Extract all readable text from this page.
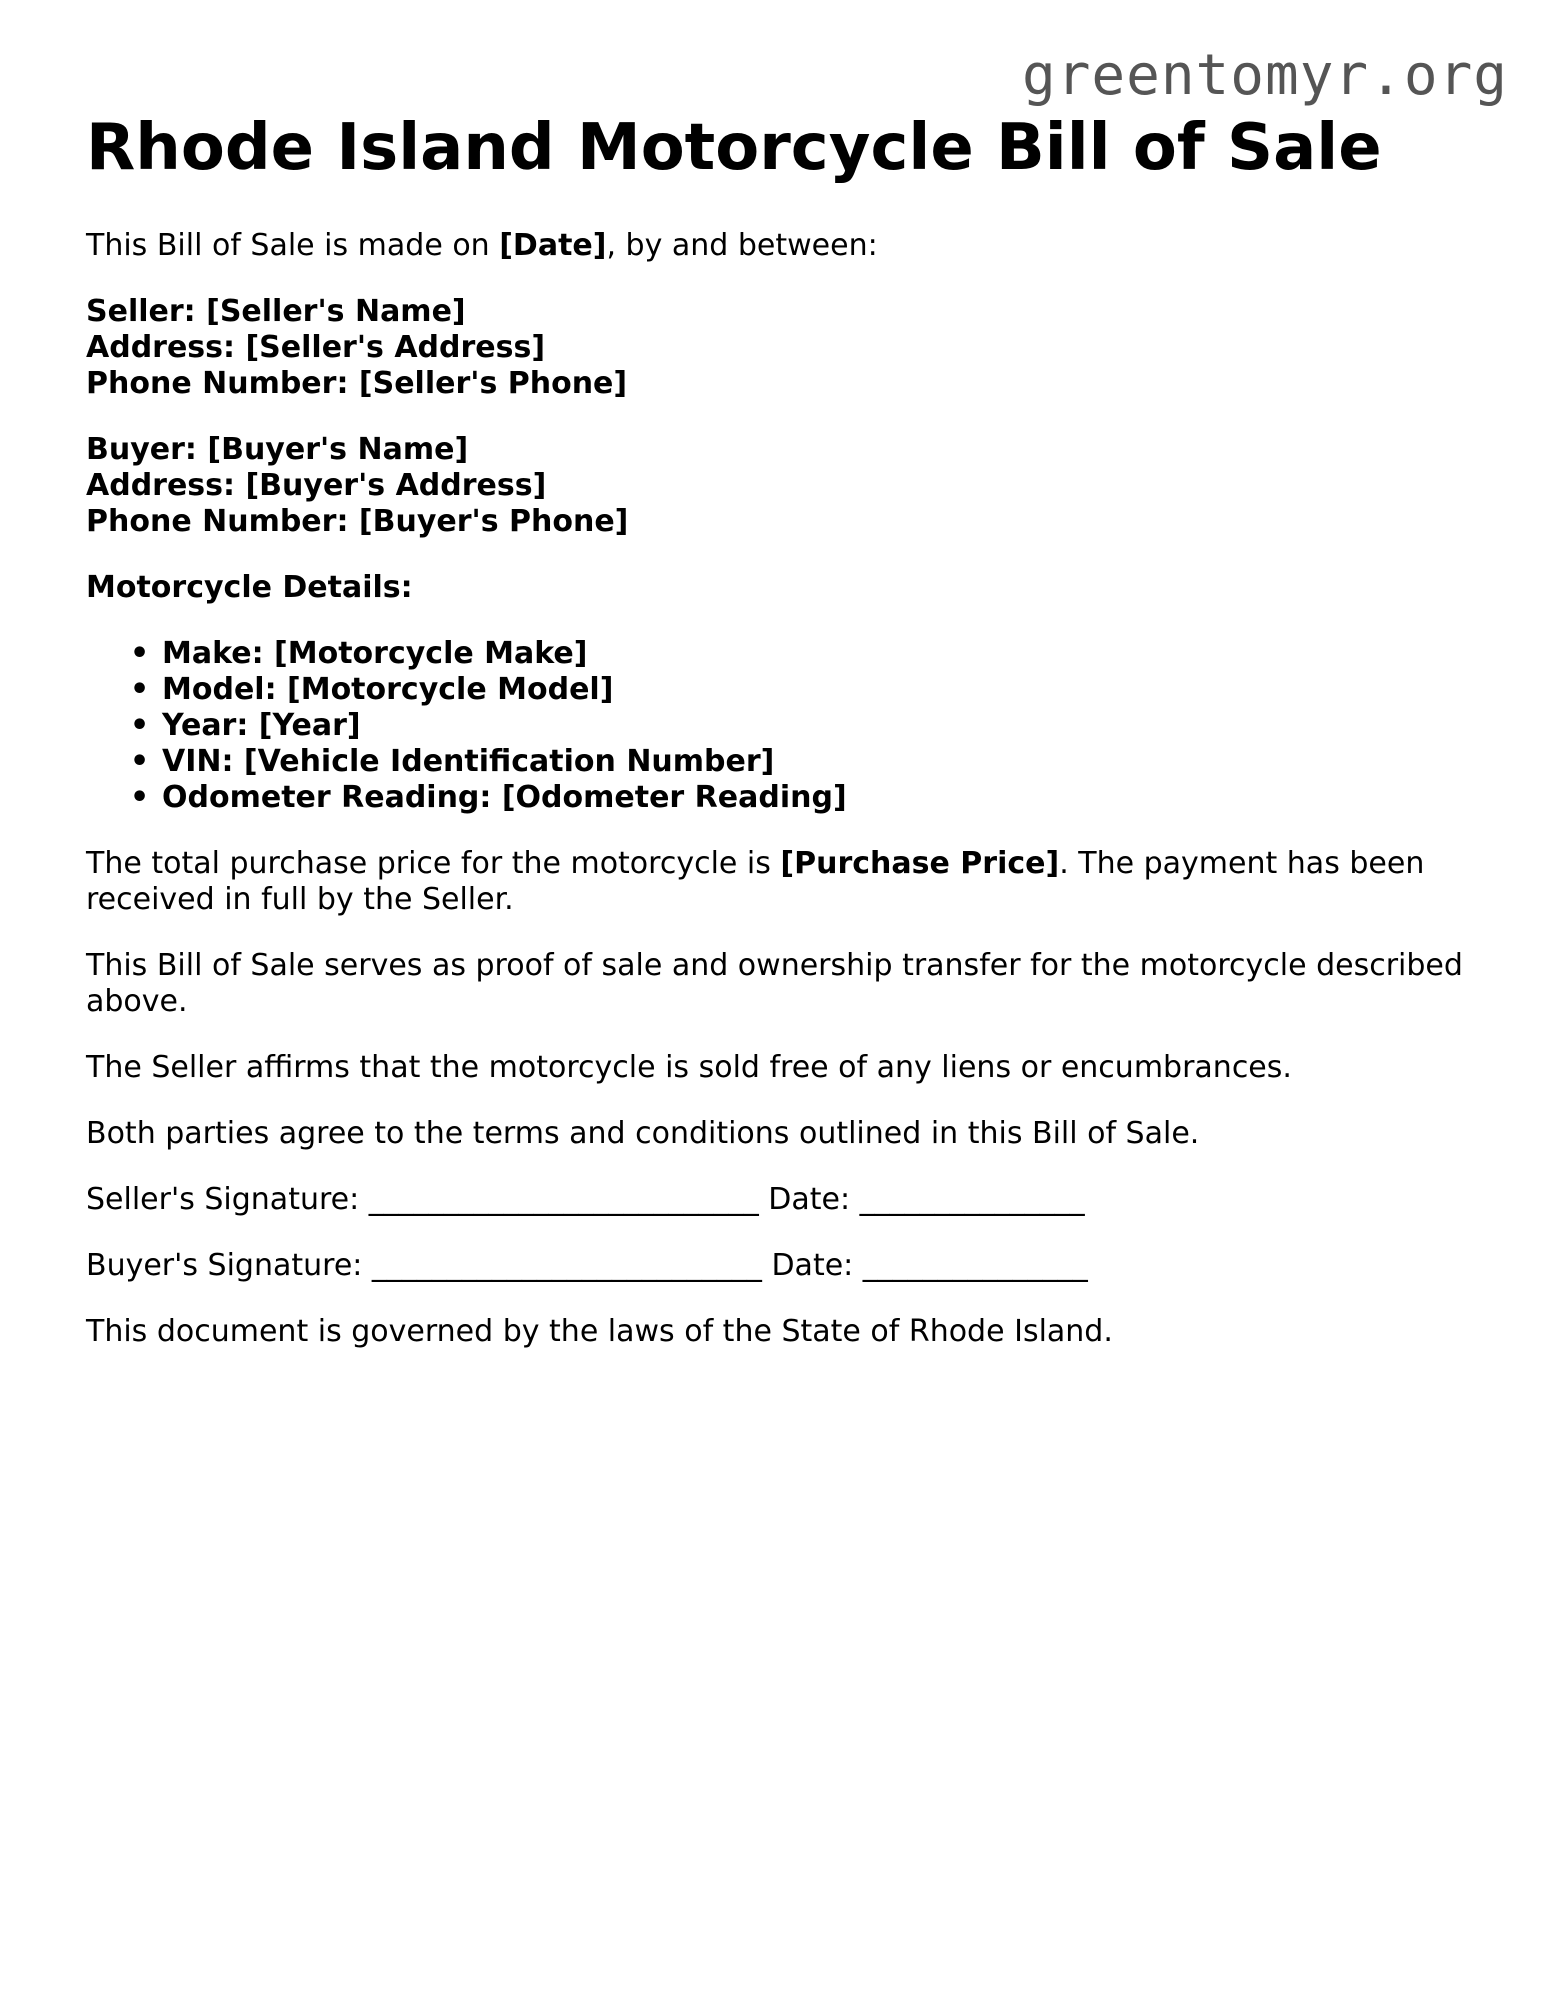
greentomyr.org
Rhode Island Motorcycle Bill of Sale

This Bill of Sale is made on [Date], by and between:

Seller: [Seller's Name]
Address: [Seller's Address]
Phone Number: [Seller's Phone]
Buyer: [Buyer's Name]
Address: [Buyer's Address]
Phone Number: [Buyer's Phone]

Motorcycle Details:

• Make: [Motorcycle Make]
• Model: [Motorcycle Model]
• Year: [Year]
• VIN: [Vehicle Identification Number]
• Odometer Reading: [Odometer Reading]

The total purchase price for the motorcycle is [Purchase Price]. The payment has been received in full by the Seller.

This Bill of Sale serves as proof of sale and ownership transfer for the motorcycle described above.

The Seller affirms that the motorcycle is sold free of any liens or encumbrances.

Both parties agree to the terms and conditions outlined in this Bill of Sale.

Seller's Signature: __________________________ Date: _______________

Buyer's Signature: __________________________ Date: _______________

This document is governed by the laws of the State of Rhode Island.
